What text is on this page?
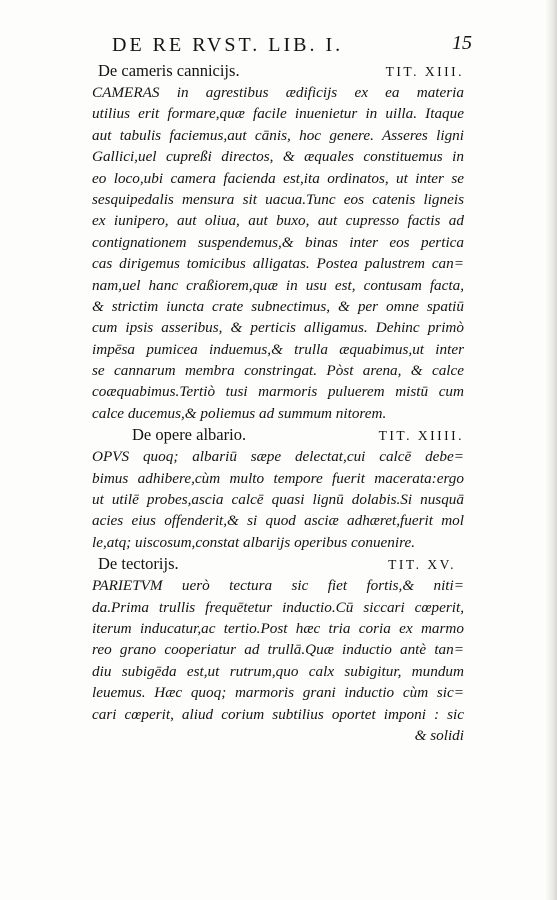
DE RE RVST. LIB. I.	15
De cameris cannicijs.	TIT. XIII.
CAMERAS in agrestibus ædificijs ex ea materia
utilius erit formare,quæ facile inuenietur in uilla. Itaque
aut tabulis faciemus,aut cānis, hoc genere. Asseres ligni
Gallici,uel cupreßi directos, & æquales constituemus in
eo loco,ubi camera facienda est,ita ordinatos, ut inter se
sesquipedalis mensura sit uacua.Tunc eos catenis ligneis
ex iunipero, aut oliua, aut buxo, aut cupresso factis ad
contignationem suspendemus,& binas inter eos pertica
cas dirigemus tomicibus alligatas. Postea palustrem can=
nam,uel hanc craßiorem,quæ in usu est, contusam facta,
& strictim iuncta crate subnectimus, & per omne spatiū
cum ipsis asseribus, & perticis alligamus. Dehinc primò
impēsa pumicea induemus,& trulla æquabimus,ut inter
se cannarum membra constringat. Pòst arena, & calce
coæquabimus.Tertiò tusi marmoris puluerem mistū cum
calce ducemus,& poliemus ad summum nitorem.
De opere albario.	TIT. XIIII.
OPVS quoq; albariū sæpe delectat,cui calcē debe=
bimus adhibere,cùm multo tempore fuerit macerata:ergo
ut utilē probes,ascia calcē quasi lignū dolabis.Si nusquā
acies eius offenderit,& si quod asciæ adhæret,fuerit mol
le,atq; uiscosum,constat albarijs operibus conuenire.
De tectorijs.	TIT. XV.
PARIETVM uerò tectura sic fiet fortis,& niti=
da.Prima trullis frequētetur inductio.Cū siccari cœperit,
iterum inducatur,ac tertio.Post hæc tria coria ex marmo
reo grano cooperiatur ad trullā.Quæ inductio antè tan=
diu subigēda est,ut rutrum,quo calx subigitur, mundum
leuemus. Hæc quoq; marmoris grani inductio cùm sic=
cari cœperit, aliud corium subtilius oportet imponi : sic
& solidi
